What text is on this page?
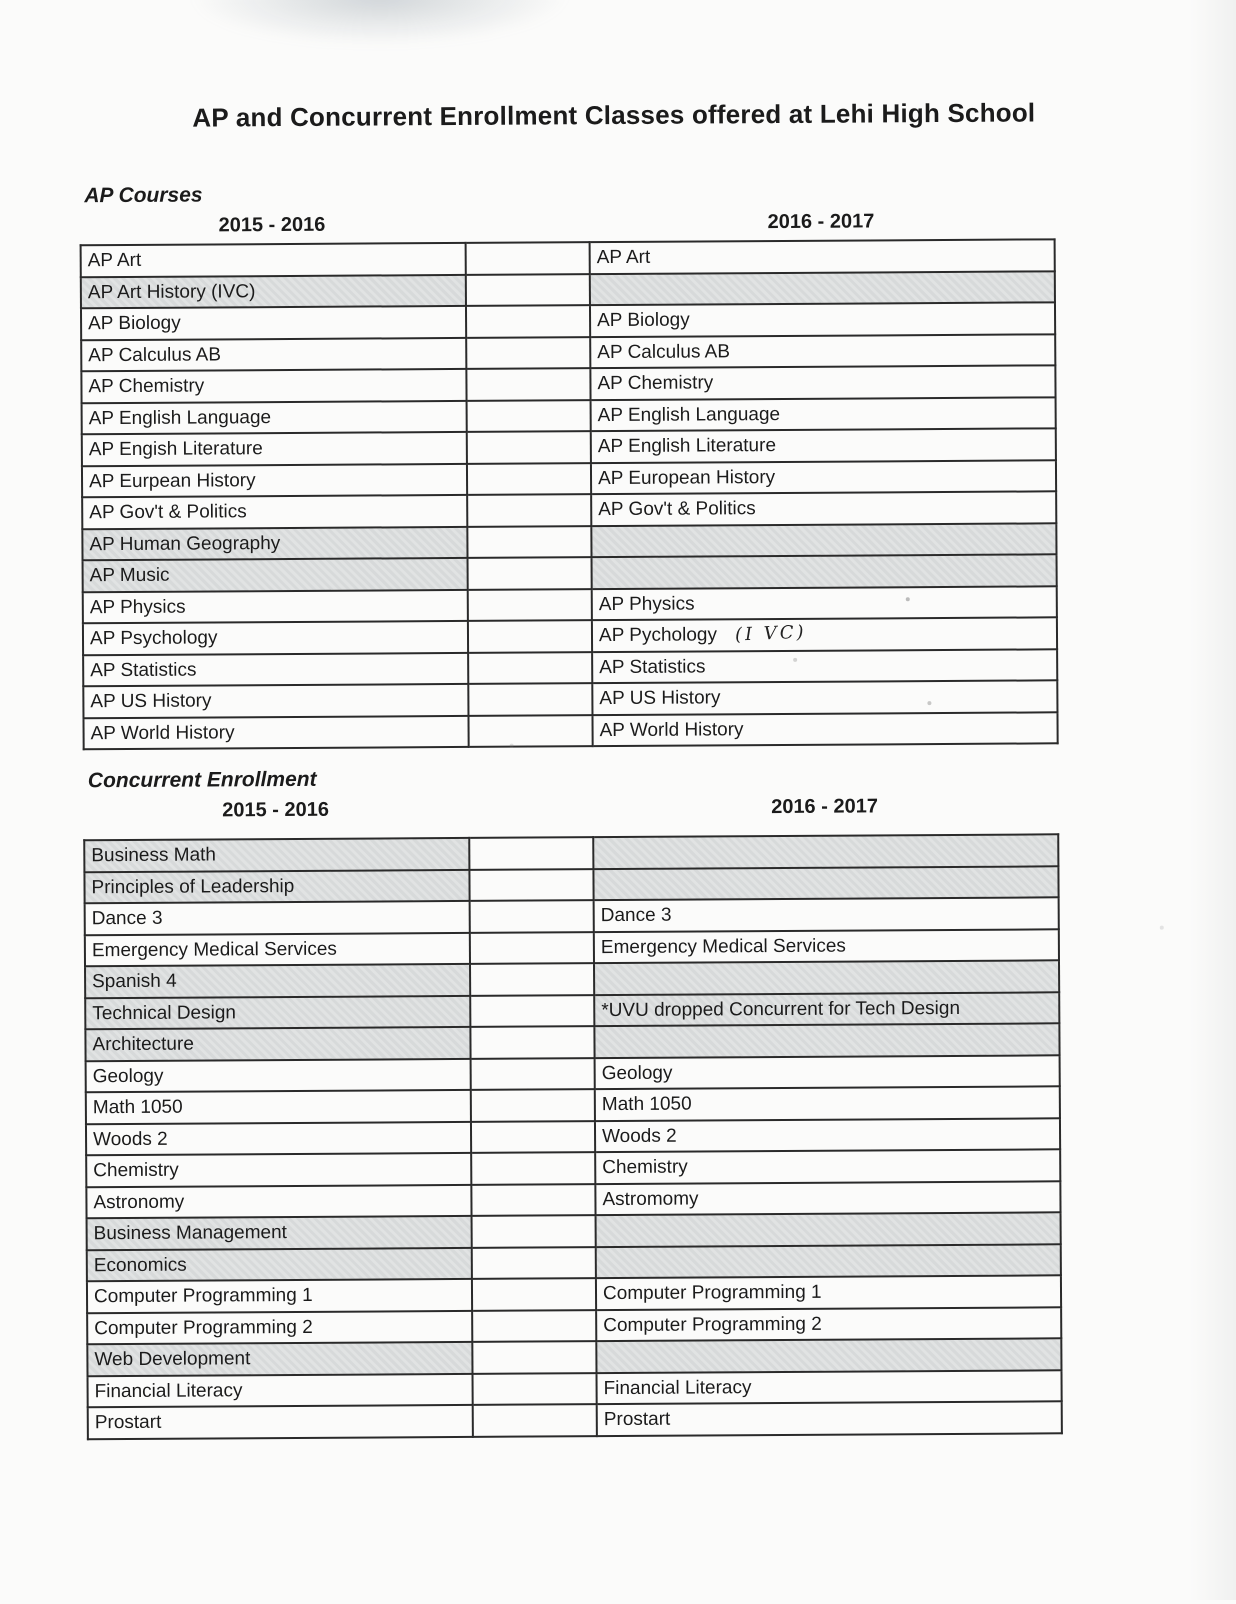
AP and Concurrent Enrollment Classes offered at Lehi High School
AP Courses
2015 - 2016	2016 - 2017
AP Art		AP Art
AP Art History (IVC)		
AP Biology		AP Biology
AP Calculus AB		AP Calculus AB
AP Chemistry		AP Chemistry
AP English Language		AP English Language
AP Engish Literature		AP English Literature
AP Eurpean History		AP European History
AP Gov't & Politics		AP Gov't & Politics
AP Human Geography		
AP Music		
AP Physics		AP Physics
AP Psychology		AP Pychology (I VC)
AP Statistics		AP Statistics
AP US History		AP US History
AP World History		AP World History
Concurrent Enrollment
2015 - 2016	2016 - 2017
Business Math		
Principles of Leadership		
Dance 3		Dance 3
Emergency Medical Services		Emergency Medical Services
Spanish 4		
Technical Design		*UVU dropped Concurrent for Tech Design
Architecture		
Geology		Geology
Math 1050		Math 1050
Woods 2		Woods 2
Chemistry		Chemistry
Astronomy		Astromomy
Business Management		
Economics		
Computer Programming 1		Computer Programming 1
Computer Programming 2		Computer Programming 2
Web Development		
Financial Literacy		Financial Literacy
Prostart		Prostart
